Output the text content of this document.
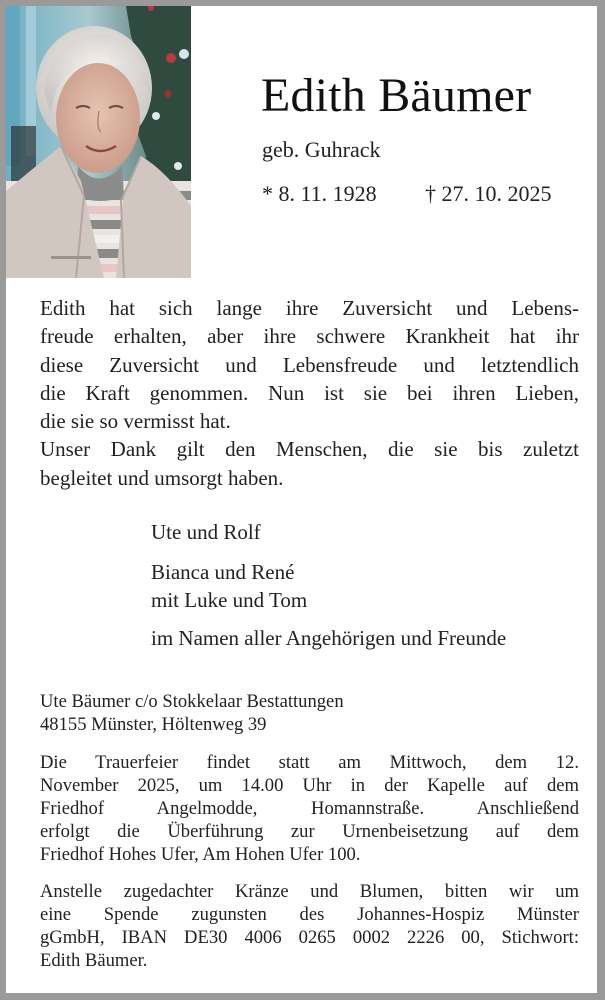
Edith Bäumer
geb. Guhrack
* 8. 11. 1928 † 27. 10. 2025
Edith hat sich lange ihre Zuversicht und Lebens-
freude erhalten, aber ihre schwere Krankheit hat ihr
diese Zuversicht und Lebensfreude und letztendlich
die Kraft genommen. Nun ist sie bei ihren Lieben,
die sie so vermisst hat.
Unser Dank gilt den Menschen, die sie bis zuletzt
begleitet und umsorgt haben.
Ute und Rolf
Bianca und René
mit Luke und Tom
im Namen aller Angehörigen und Freunde
Ute Bäumer c/o Stokkelaar Bestattungen
48155 Münster, Höltenweg 39
Die Trauerfeier findet statt am Mittwoch, dem 12.
November 2025, um 14.00 Uhr in der Kapelle auf dem
Friedhof Angelmodde, Homannstraße. Anschließend
erfolgt die Überführung zur Urnenbeisetzung auf dem
Friedhof Hohes Ufer, Am Hohen Ufer 100.
Anstelle zugedachter Kränze und Blumen, bitten wir um
eine Spende zugunsten des Johannes-Hospiz Münster
gGmbH, IBAN DE30 4006 0265 0002 2226 00, Stichwort:
Edith Bäumer.
